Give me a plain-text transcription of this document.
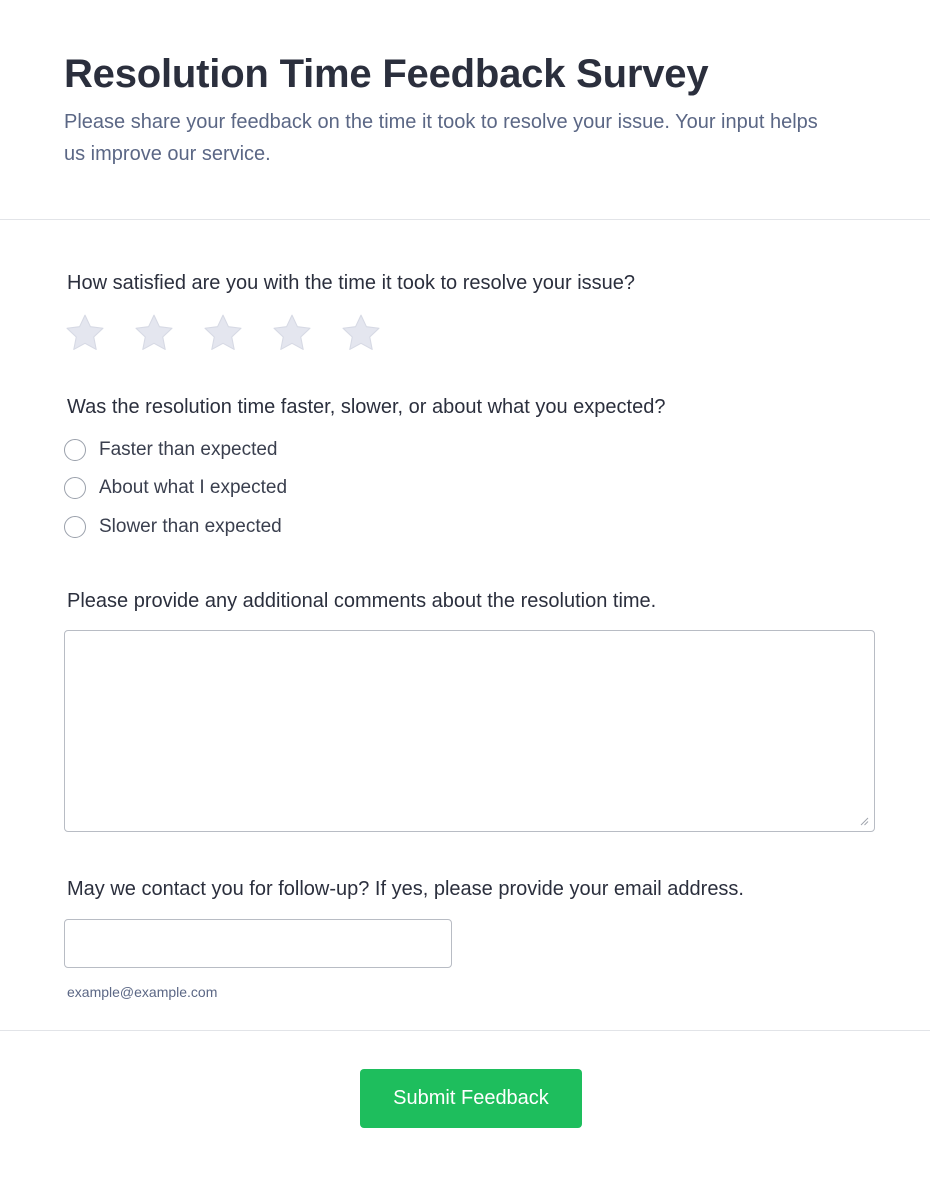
Resolution Time Feedback Survey

Please share your feedback on the time it took to resolve your issue. Your input helps us improve our service.

How satisfied are you with the time it took to resolve your issue?

Was the resolution time faster, slower, or about what you expected?

Faster than expected
About what I expected
Slower than expected

Please provide any additional comments about the resolution time.

May we contact you for follow-up? If yes, please provide your email address.

example@example.com
Submit Feedback
